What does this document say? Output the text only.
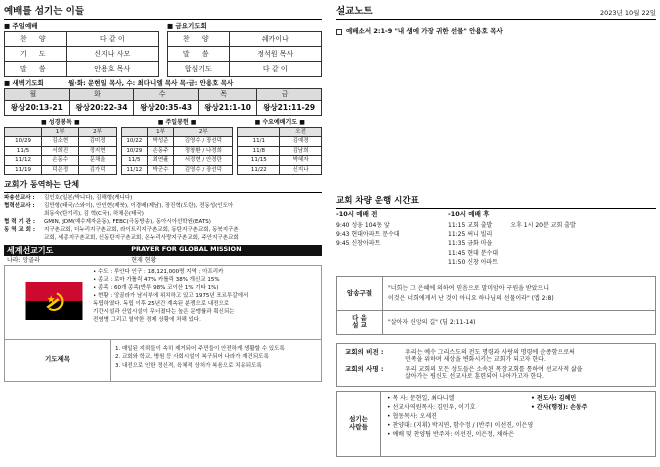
예배를 섬기는 이들
■ 주일예배
찬 양	다 같 이
기 도	신지나 사모
말 씀	안용호 목사
■ 금요기도회
찬 양	쉐카이나
말 씀	정석원 목사
합심기도	다 같 이
■ 새벽기도회	월·화: 문현일 목사, 수: 최다니엘 목사 목·금: 안용호 목사
월	화	수	목	금
왕상20:13-21	왕상20:22-34	왕상20:35-43	왕상21:1-10	왕상21:11-29
■ 성경봉독 ■
	1부	2부
10/29	김소현	김미정
11/5	서희진	정지현
11/12	손동수	문채울
11/19	덕은정	김가덕
■ 주일봉헌 ■
	1부	2부
10/22	박성준	김영수 / 장선덕
10/29	손동주	정창환 / 나경희
11/5	최연휼	서정현 / 안경란
11/12	박군수	김영수 / 장선덕
■ 수요예배기도 ■
	오전
11/1	김예경
11/8	김남희
11/15	박혜자
11/22	신지나
교회가 동역하는 단체
파송선교사 :	김인호(일본/박니다), 김해형(케니다)
협력선교사 :	김만형(태국/스와이), 안인현(제북), 이경배(제남), 장진혁(도란), 전동성(인도아
최동숙(탄기리), 김 혁(C국), 하채은(태국)
협 력 기 관 :	GMIN, JDM(예수제자운동), FEBC(극동방송), 동아시아선학원(EATS)
동 역 교 회 :	지구촌교회, 더누리지구촌교회, 라이트리지구촌교회, 동탄지구촌교회, 동북지구촌
교회, 세종지구촌교회, 신동탄지구촌교회, 온누리사랑지구촌교회, 주안지구촌교회
세계선교기도	PRAYER FOR GLOBAL MISSION
나라: 앙골라	현재 현황

• 수도 : 루안다 인구 : 18,121,000명 지역 : 아프리카

• 종교 : 로마 가톨릭 47% 카톨릭 38% 개신교 15%

• 종족 : 60개 종족(반투 98% 코이산 1% 기타 1%)

• 현황 : 앙골라가 남서부에 위치하고 있고 1975년 포르투갈에서

독립하였다. 독립 이후 25년간 계속된 분쟁으로 내전으로

기간시설과 산업시설이 무너졌다는 높은 문맹률과 획신되는

전염병 그리고 열악한 경제 상황에 처해 있다.

기도제목

1. 매일된 지뢰들이 속히 제거되어 주민들이 안전하게 생활할 수 있도록

2. 교회와 학교, 병원 등 사회시설이 복구되어 나라가 재건되도록

3. 내전으로 인한 정신적, 육체적 상처가 복음으로 치유되도록

설교노트	2023년 10월 22일
예배소서 2:1-9 "내 생에 가장 귀한 선물" 안용호 목사
교회 차량 운행 시간표
-10시 예배 전

9:40 성웅 104동 앞

9:43 현대아파트 문수대

9:45 신창아파트

-10시 예배 후

11:15 교회 출발	오후 1시 20분 교회 출발

11:25 써니 빌리

11:35 금화 마을

11:45 현대 분수대

11:50 신창 아파트

암송구절	"너희는 그 은혜에 의하여 믿음으로 말미암아 구원을 받았으니
이것은 너희에게서 난 것이 아니요 하나님의 선물이라" (엡 2:8)

다 음
설 교	"살아자 신앙의 길" (딤 2:11-14)
교회의 비전 :	우리는 예수 그리스도의 전도 명령과 사랑의 명령에 순종함으로써
민족을 위하며 세상을 변화시키는 교회가 되고자 한다.
교회의 사명 :	우리 교회의 모든 성도들은 소속된 목장교회를 통하여 선교사적 삶을
살아가는 평신도 선교사로 훈련되어 나아가고자 한다.
섬기는
사람들

• 목 사: 문현일, 최다니엘

• 선교사역원목사: 김민우, 이기호

• 협동목사: 오세진

• 찬양대: (지휘) 박지연, 함수정 / (반주) 이선진, 이은영

• 예배 및 찬양팀 반주자: 이선진, 이은정, 채하은

• 전도사: 김혜민

• 간사(행정): 손동주
